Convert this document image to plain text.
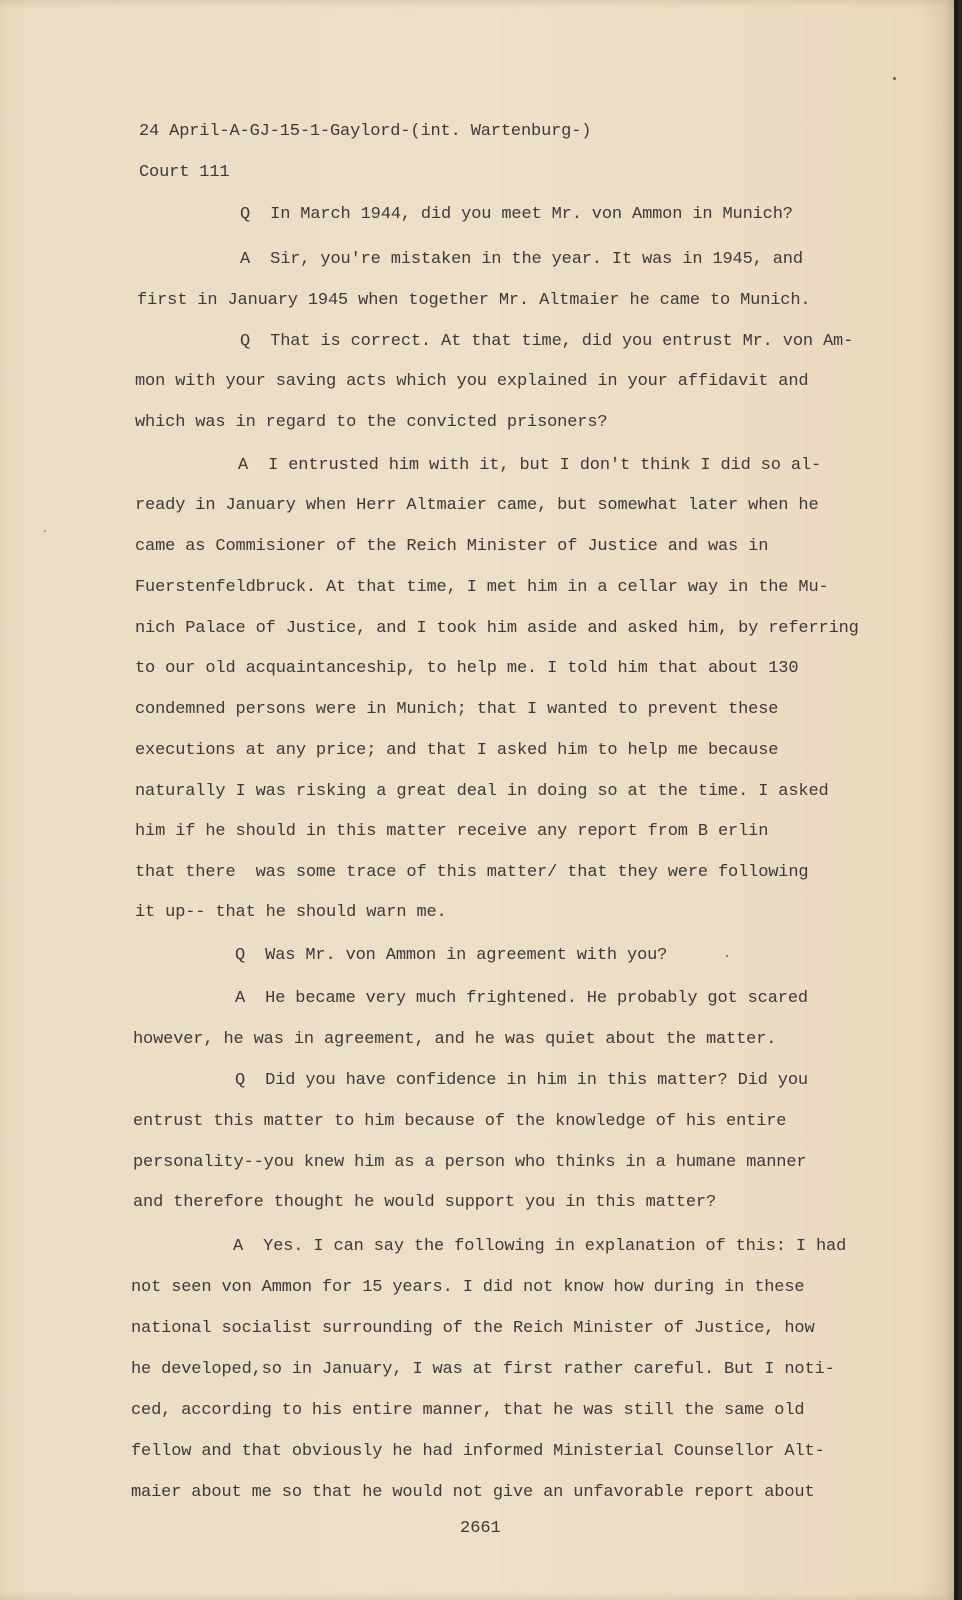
24 April-A-GJ-15-1-Gaylord-(int. Wartenburg-)

Court 111

Q  In March 1944, did you meet Mr. von Ammon in Munich?

A  Sir, you're mistaken in the year. It was in 1945, and

first in January 1945 when together Mr. Altmaier he came to Munich.

Q  That is correct. At that time, did you entrust Mr. von Am-

mon with your saving acts which you explained in your affidavit and

which was in regard to the convicted prisoners?

A  I entrusted him with it, but I don't think I did so al-

ready in January when Herr Altmaier came, but somewhat later when he

came as Commisioner of the Reich Minister of Justice and was in

Fuerstenfeldbruck. At that time, I met him in a cellar way in the Mu-

nich Palace of Justice, and I took him aside and asked him, by referring

to our old acquaintanceship, to help me. I told him that about 130

condemned persons were in Munich; that I wanted to prevent these

executions at any price; and that I asked him to help me because

naturally I was risking a great deal in doing so at the time. I asked

him if he should in this matter receive any report from B erlin

that there  was some trace of this matter/ that they were following

it up-- that he should warn me.

Q  Was Mr. von Ammon in agreement with you?

A  He became very much frightened. He probably got scared

however, he was in agreement, and he was quiet about the matter.

Q  Did you have confidence in him in this matter? Did you

entrust this matter to him because of the knowledge of his entire

personality--you knew him as a person who thinks in a humane manner

and therefore thought he would support you in this matter?

A  Yes. I can say the following in explanation of this: I had

not seen von Ammon for 15 years. I did not know how during in these

national socialist surrounding of the Reich Minister of Justice, how

he developed,so in January, I was at first rather careful. But I noti-

ced, according to his entire manner, that he was still the same old

fellow and that obviously he had informed Ministerial Counsellor Alt-

maier about me so that he would not give an unfavorable report about

2661
